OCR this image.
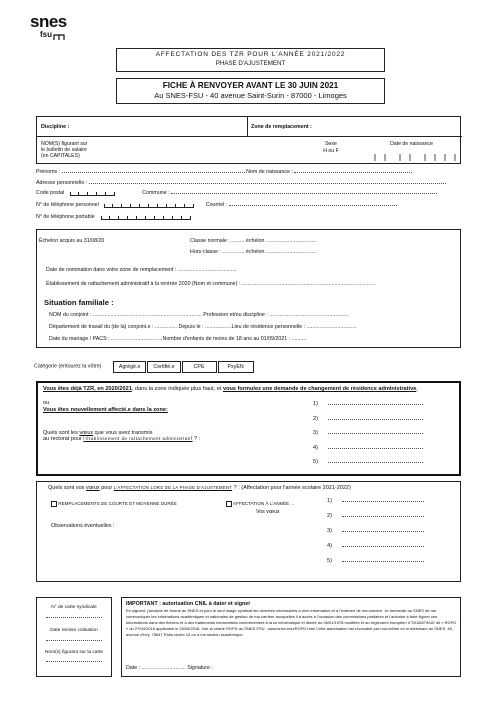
snes
fsu
AFFECTATION DES TZR POUR L'ANNÉE 2021/2022
PHASE D'AJUSTEMENT
FICHE À RENVOYER AVANT LE 30 JUIN 2021
Au SNES-FSU - 40 avenue Saint-Surin - 87000 - Limoges
Discipline :	Zone de remplacement :
NOM(S) figurant sur
le bulletin de salaire
(en CAPITALES)
Sexe
H ou F
Date de naissance
Prénoms :	Nom de naissance :
Adresse personnelle :
Code postal	Commune :
N° de téléphone personnel	Courriel :
N° de téléphone portable
Échelon acquis au 31/08/20	Classe normale : ......... échelon ..................................
Hors-classe : ............... échelon ..................................
Date de nomination dans votre zone de remplacement : ........................................
Établissement de rattachement administratif à la rentrée 2020 (Nom et commune) : ...........................................................................................
Situation familiale :
NOM du conjoint : .......................................................................... Profession et/ou discipline : ......................................................
Département de travail du (de la) conjoint.e : ............... Depuis le : ..................Lieu de résidence personnelle : ..................................
Date du mariage / PACS : ...................................Nombre d'enfants de moins de 18 ans au 01/09/2021 : ..........
Catégorie (entourez la vôtre)	Agrégé.e Certifié.e	CPE	PsyEN
Vous êtes déjà TZR, en 2020/2021, dans la zone indiquée plus haut, et vous formulez une demande de changement de résidence administrative,
ou
Vous êtes nouvellement affecté.e dans la zone:
Quels sont les vœux que vous avez transmis
au rectorat pour l'établissement de rattachement administratif ? :
1)
2)
3)
4)
5)
Quels sont vos vœux pour L'AFFECTATION LORS DE LA PHASE D'AJUSTEMENT ? : (Affectation pour l'année scolaire 2021-2022)
REMPLACEMENTS DE COURTE ET MOYENNE DURÉE	AFFECTATION À L'ANNÉE ...
Vos vœux
Observations éventuelles :
1)
2)
3)
4)
5)
N° de carte syndicale
Date remise cotisation
Nom(s) figurant sur la carte
IMPORTANT : autorisation CNIL à dater et signer
En signant, j'accepte de fournir au SNES et pour le seul usage syndical les données nécessaires à mon information et à l'examen de ma carrière. Je demande au SNES de me communiquer les informations académiques et nationales de gestion de ma carrière auxquelles il a accès à l'occasion des commissions paritaires et l'autorise à faire figurer ces informations dans des fichiers et à des traitements informatisés conformément à la loi informatique et liberté du 06/01/1978 modifiée et au règlement européen n°2016/679/UE dit « RGPD » du 27/04/2016 applicable le 25/05/2018. Voir la charte RGPD du SNES-FSU : www.snes.edu/RGPD.html Cette autorisation est révocable par moi-même en m'adressant au SNES, 46, avenue d'Ivry, 75647 Paris cedex 13 ou à ma section académique.
Date : .............................. Signature :
